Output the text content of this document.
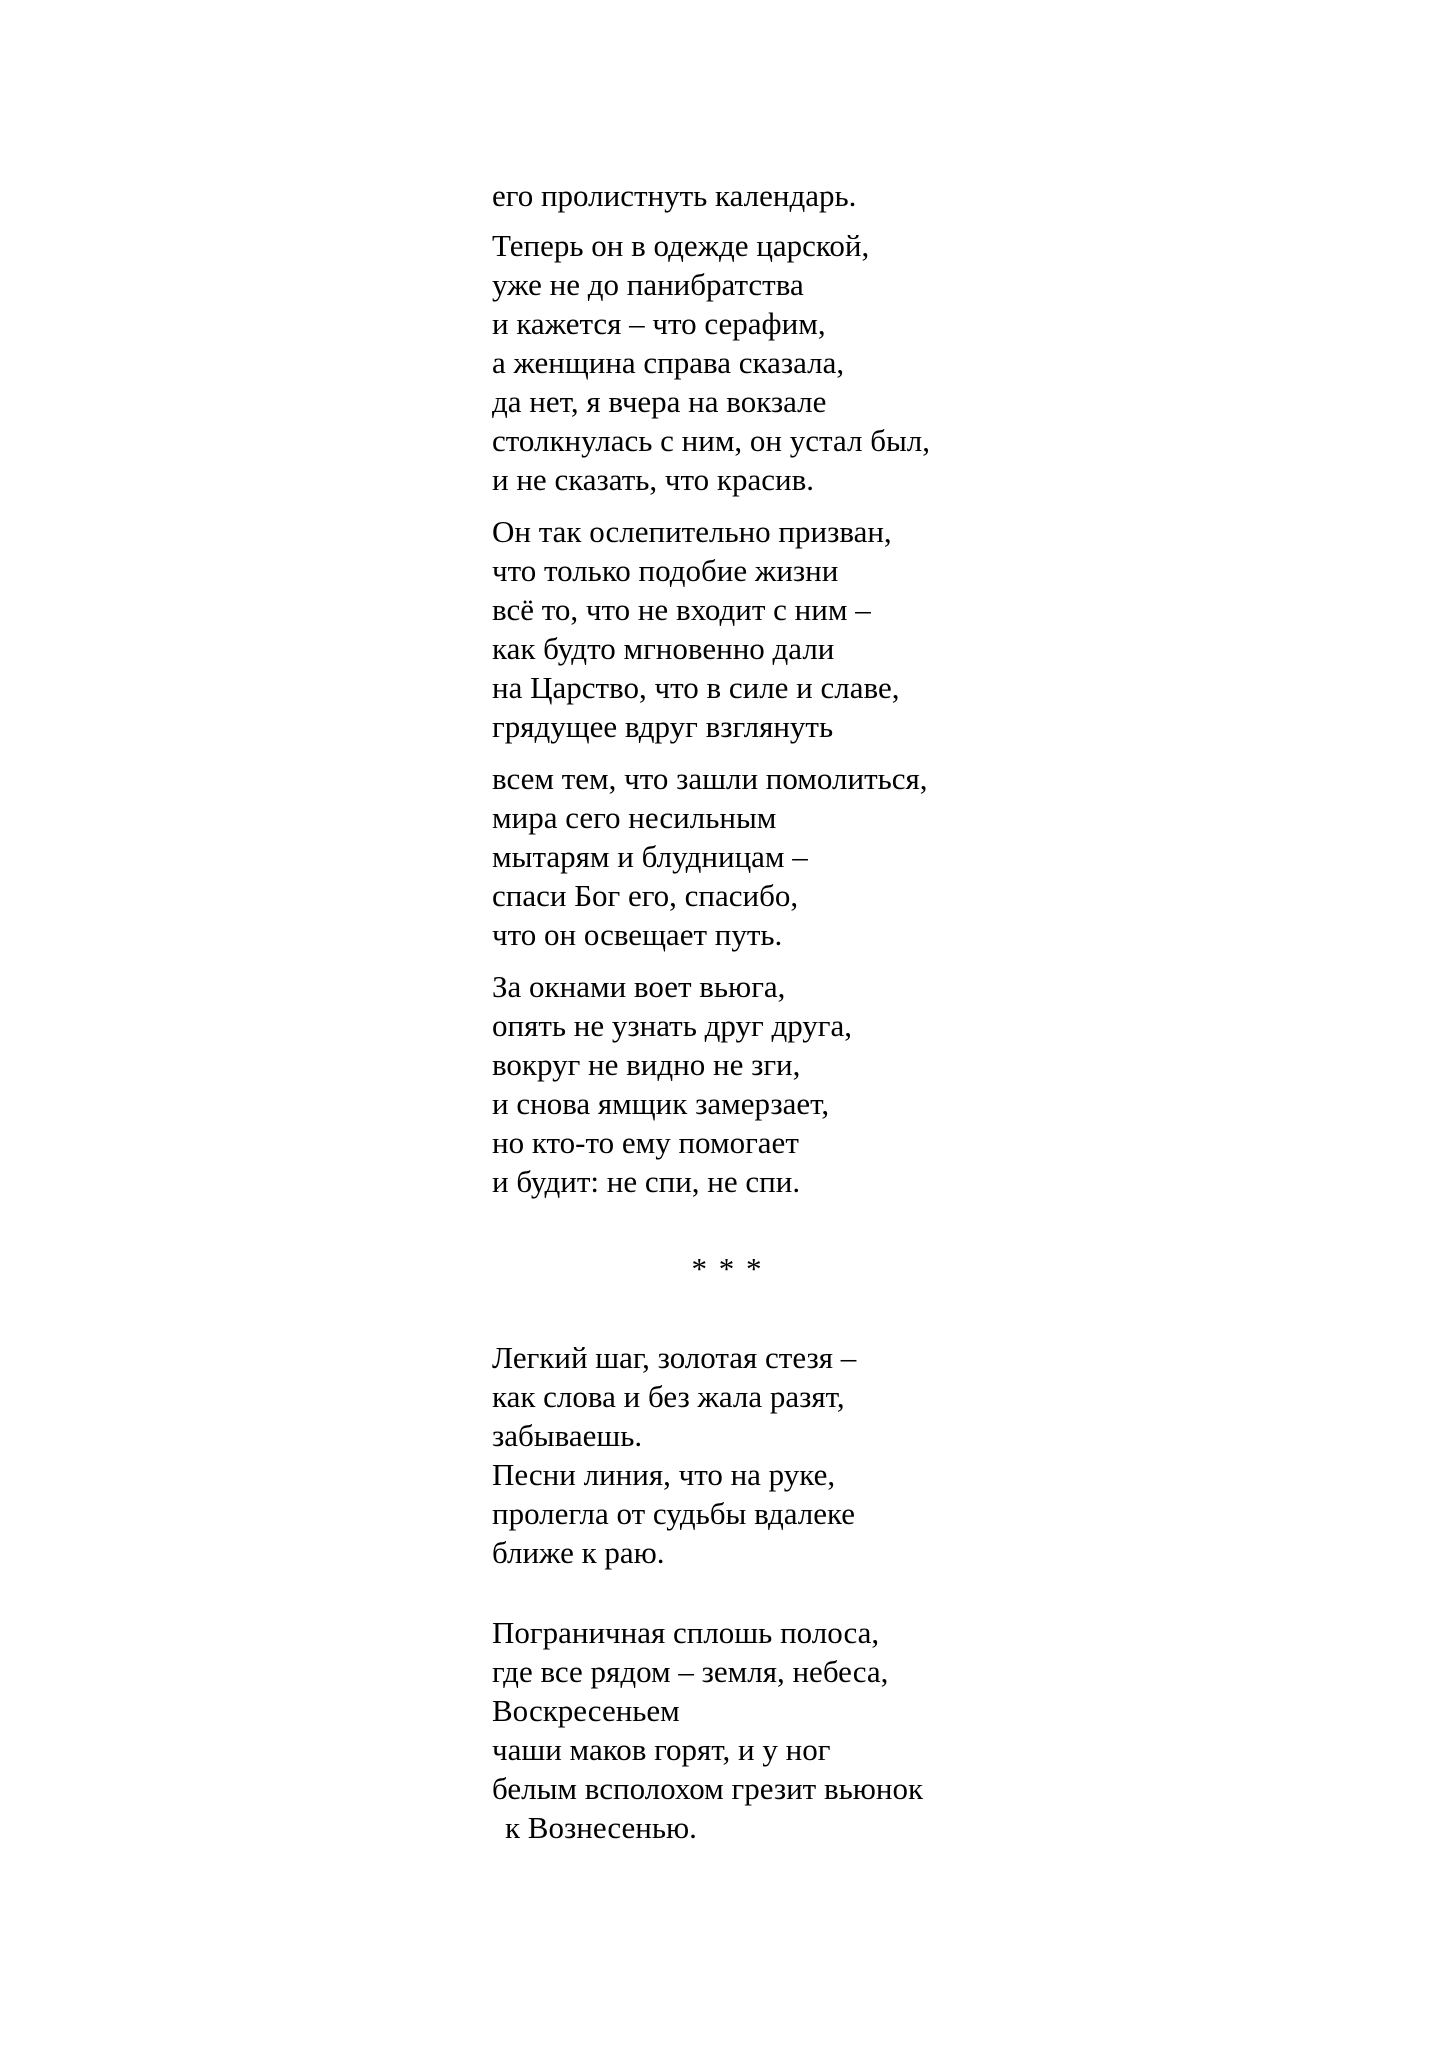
его пролистнуть календарь.
Теперь он в одежде царской,
уже не до панибратства
и кажется – что серафим,
а женщина справа сказала,
да нет, я вчера на вокзале
столкнулась с ним, он устал был,
и не сказать, что красив.
Он так ослепительно призван,
что только подобие жизни
всё то, что не входит с ним –
как будто мгновенно дали
на Царство, что в силе и славе,
грядущее вдруг взглянуть
всем тем, что зашли помолиться,
мира сего несильным
мытарям и блудницам –
спаси Бог его, спасибо,
что он освещает путь.
За окнами воет вьюга,
опять не узнать друг друга,
вокруг не видно не зги,
и снова ямщик замерзает,
но кто-то ему помогает
и будит: не спи, не спи.
* * *
Легкий шаг, золотая стезя –
как слова и без жала разят,
забываешь.
Песни линия, что на руке,
пролегла от судьбы вдалеке
ближе к раю.
Пограничная сплошь полоса,
где все рядом – земля, небеса,
Воскресеньем
чаши маков горят, и у ног
белым всполохом грезит вьюнок
к Вознесенью.
